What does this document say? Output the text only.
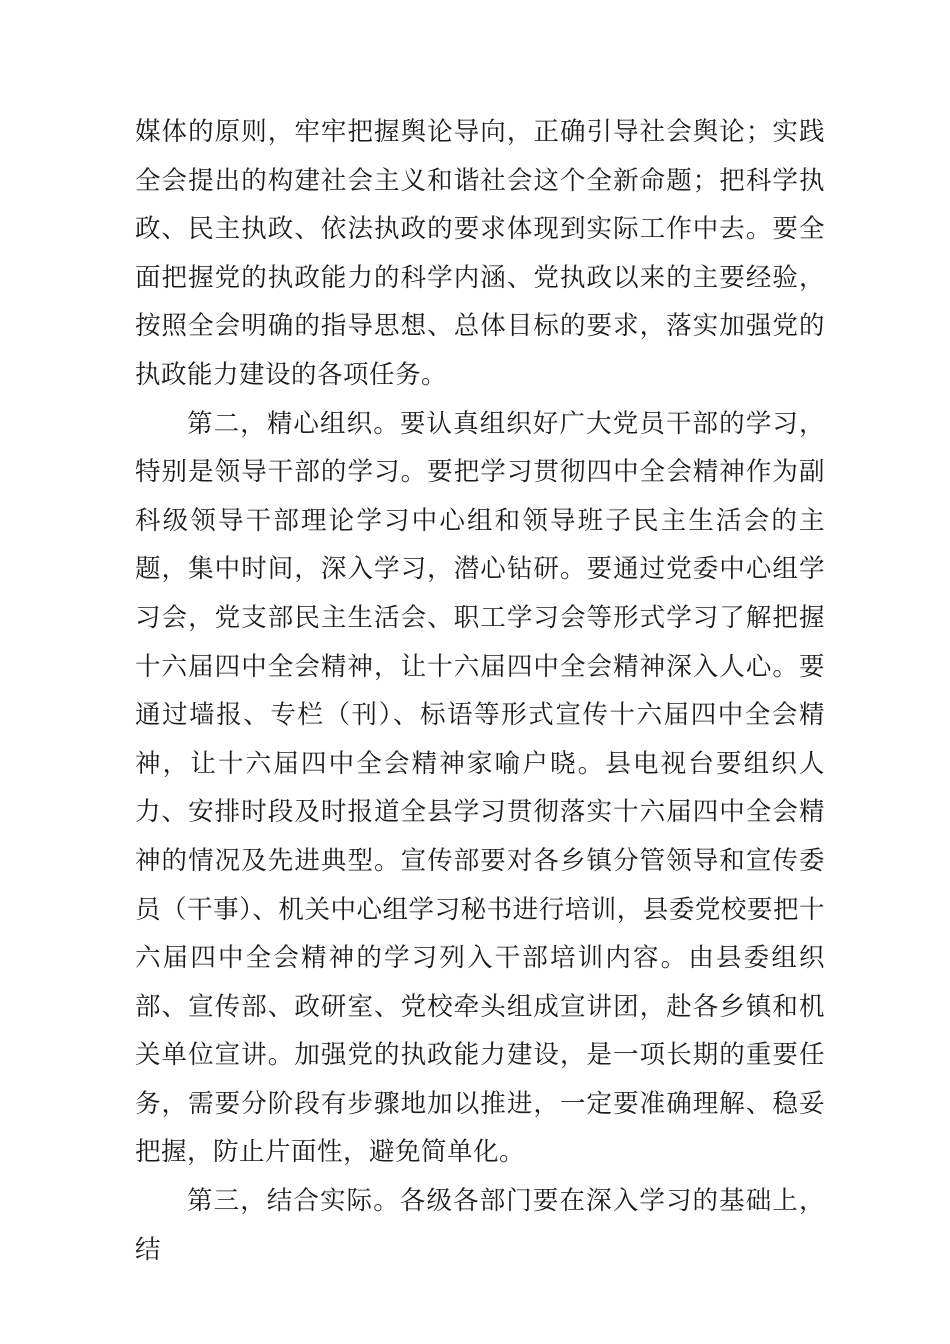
媒体的原则，牢牢把握舆论导向，正确引导社会舆论；实践全会提出的构建社会主义和谐社会这个全新命题；把科学执政、民主执政、依法执政的要求体现到实际工作中去。要全面把握党的执政能力的科学内涵、党执政以来的主要经验，按照全会明确的指导思想、总体目标的要求，落实加强党的执政能力建设的各项任务。

第二，精心组织。要认真组织好广大党员干部的学习，特别是领导干部的学习。要把学习贯彻四中全会精神作为副科级领导干部理论学习中心组和领导班子民主生活会的主题，集中时间，深入学习，潜心钻研。要通过党委中心组学习会，党支部民主生活会、职工学习会等形式学习了解把握十六届四中全会精神，让十六届四中全会精神深入人心。要通过墙报、专栏（刊）、标语等形式宣传十六届四中全会精神，让十六届四中全会精神家喻户晓。县电视台要组织人力、安排时段及时报道全县学习贯彻落实十六届四中全会精神的情况及先进典型。宣传部要对各乡镇分管领导和宣传委员（干事）、机关中心组学习秘书进行培训，县委党校要把十六届四中全会精神的学习列入干部培训内容。由县委组织部、宣传部、政研室、党校牵头组成宣讲团，赴各乡镇和机关单位宣讲。加强党的执政能力建设，是一项长期的重要任务，需要分阶段有步骤地加以推进，一定要准确理解、稳妥把握，防止片面性，避免简单化。

第三，结合实际。各级各部门要在深入学习的基础上，结
